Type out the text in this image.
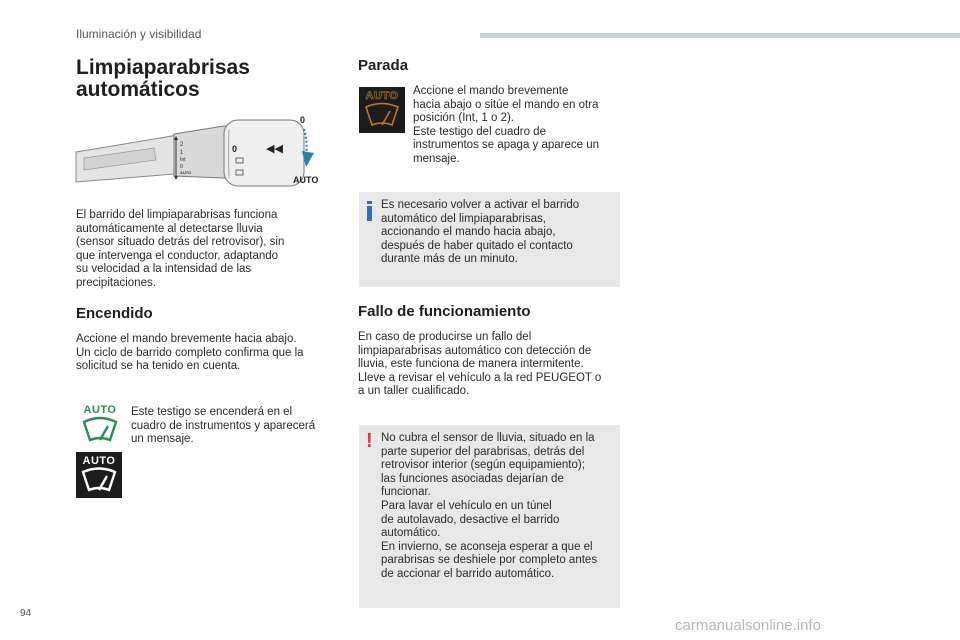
Iluminación y visibilidad
Limpiaparabrisas
automáticos
2
1
Int
0
AUTO
0	◀◀
0
AUTO
El barrido del limpiaparabrisas funciona
automáticamente al detectarse lluvia
(sensor situado detrás del retrovisor), sin
que intervenga el conductor, adaptando
su velocidad a la intensidad de las
precipitaciones.
Encendido
Accione el mando brevemente hacia abajo.
Un ciclo de barrido completo confirma que la
solicitud se ha tenido en cuenta.
AUTO
AUTO
Este testigo se encenderá en el
cuadro de instrumentos y aparecerá
un mensaje.
Parada
AUTO	Accione el mando brevemente
hacia abajo o sitúe el mando en otra
posición (Int, 1 o 2).
Este testigo del cuadro de
instrumentos se apaga y aparece un
mensaje.
Es necesario volver a activar el barrido
automático del limpiaparabrisas,
accionando el mando hacia abajo,
después de haber quitado el contacto
durante más de un minuto.
Fallo de funcionamiento
En caso de producirse un fallo del
limpiaparabrisas automático con detección de
lluvia, este funciona de manera intermitente.
Lleve a revisar el vehículo a la red PEUGEOT o
a un taller cualificado.
! No cubra el sensor de lluvia, situado en la
parte superior del parabrisas, detrás del
retrovisor interior (según equipamiento);
las funciones asociadas dejarían de
funcionar.
Para lavar el vehículo en un túnel
de autolavado, desactive el barrido
automático.
En invierno, se aconseja esperar a que el
parabrisas se deshiele por completo antes
de accionar el barrido automático.
94
carmanualsonline.info
